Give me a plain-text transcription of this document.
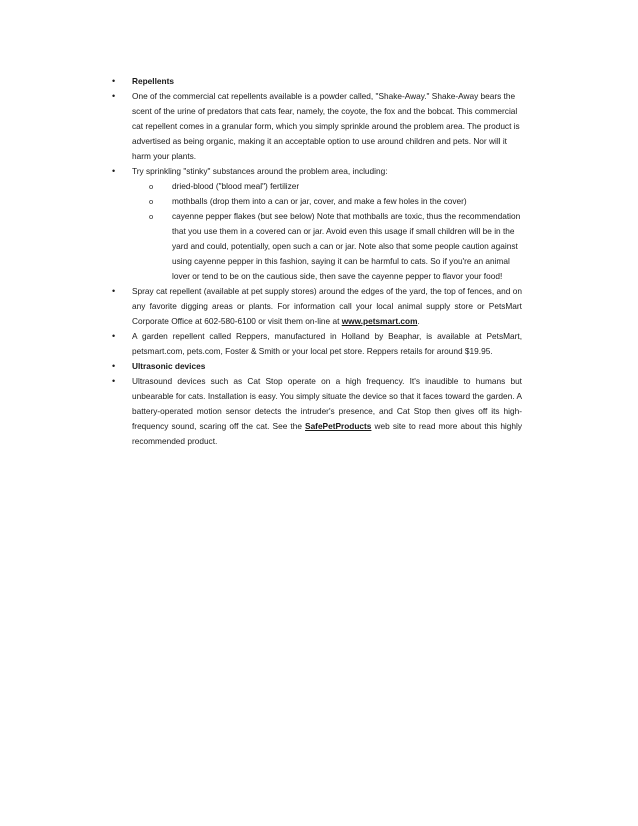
• Repellents
• One of the commercial cat repellents available is a powder called, "Shake-Away." Shake-Away bears the scent of the urine of predators that cats fear, namely, the coyote, the fox and the bobcat. This commercial cat repellent comes in a granular form, which you simply sprinkle around the problem area. The product is advertised as being organic, making it an acceptable option to use around children and pets. Nor will it harm your plants.
• Try sprinkling "stinky" substances around the problem area, including:
o dried-blood ("blood meal") fertilizer
o mothballs (drop them into a can or jar, cover, and make a few holes in the cover)
o cayenne pepper flakes (but see below) Note that mothballs are toxic, thus the recommendation that you use them in a covered can or jar. Avoid even this usage if small children will be in the yard and could, potentially, open such a can or jar. Note also that some people caution against using cayenne pepper in this fashion, saying it can be harmful to cats. So if you're an animal lover or tend to be on the cautious side, then save the cayenne pepper to flavor your food!
• Spray cat repellent (available at pet supply stores) around the edges of the yard, the top of fences, and on any favorite digging areas or plants. For information call your local animal supply store or PetsMart Corporate Office at 602-580-6100 or visit them on-line at www.petsmart.com.
• A garden repellent called Reppers, manufactured in Holland by Beaphar, is available at PetsMart, petsmart.com, pets.com, Foster & Smith or your local pet store. Reppers retails for around $19.95.
• Ultrasonic devices
• Ultrasound devices such as Cat Stop operate on a high frequency. It's inaudible to humans but unbearable for cats. Installation is easy. You simply situate the device so that it faces toward the garden. A battery-operated motion sensor detects the intruder's presence, and Cat Stop then gives off its high-frequency sound, scaring off the cat. See the SafePetProducts web site to read more about this highly recommended product.
